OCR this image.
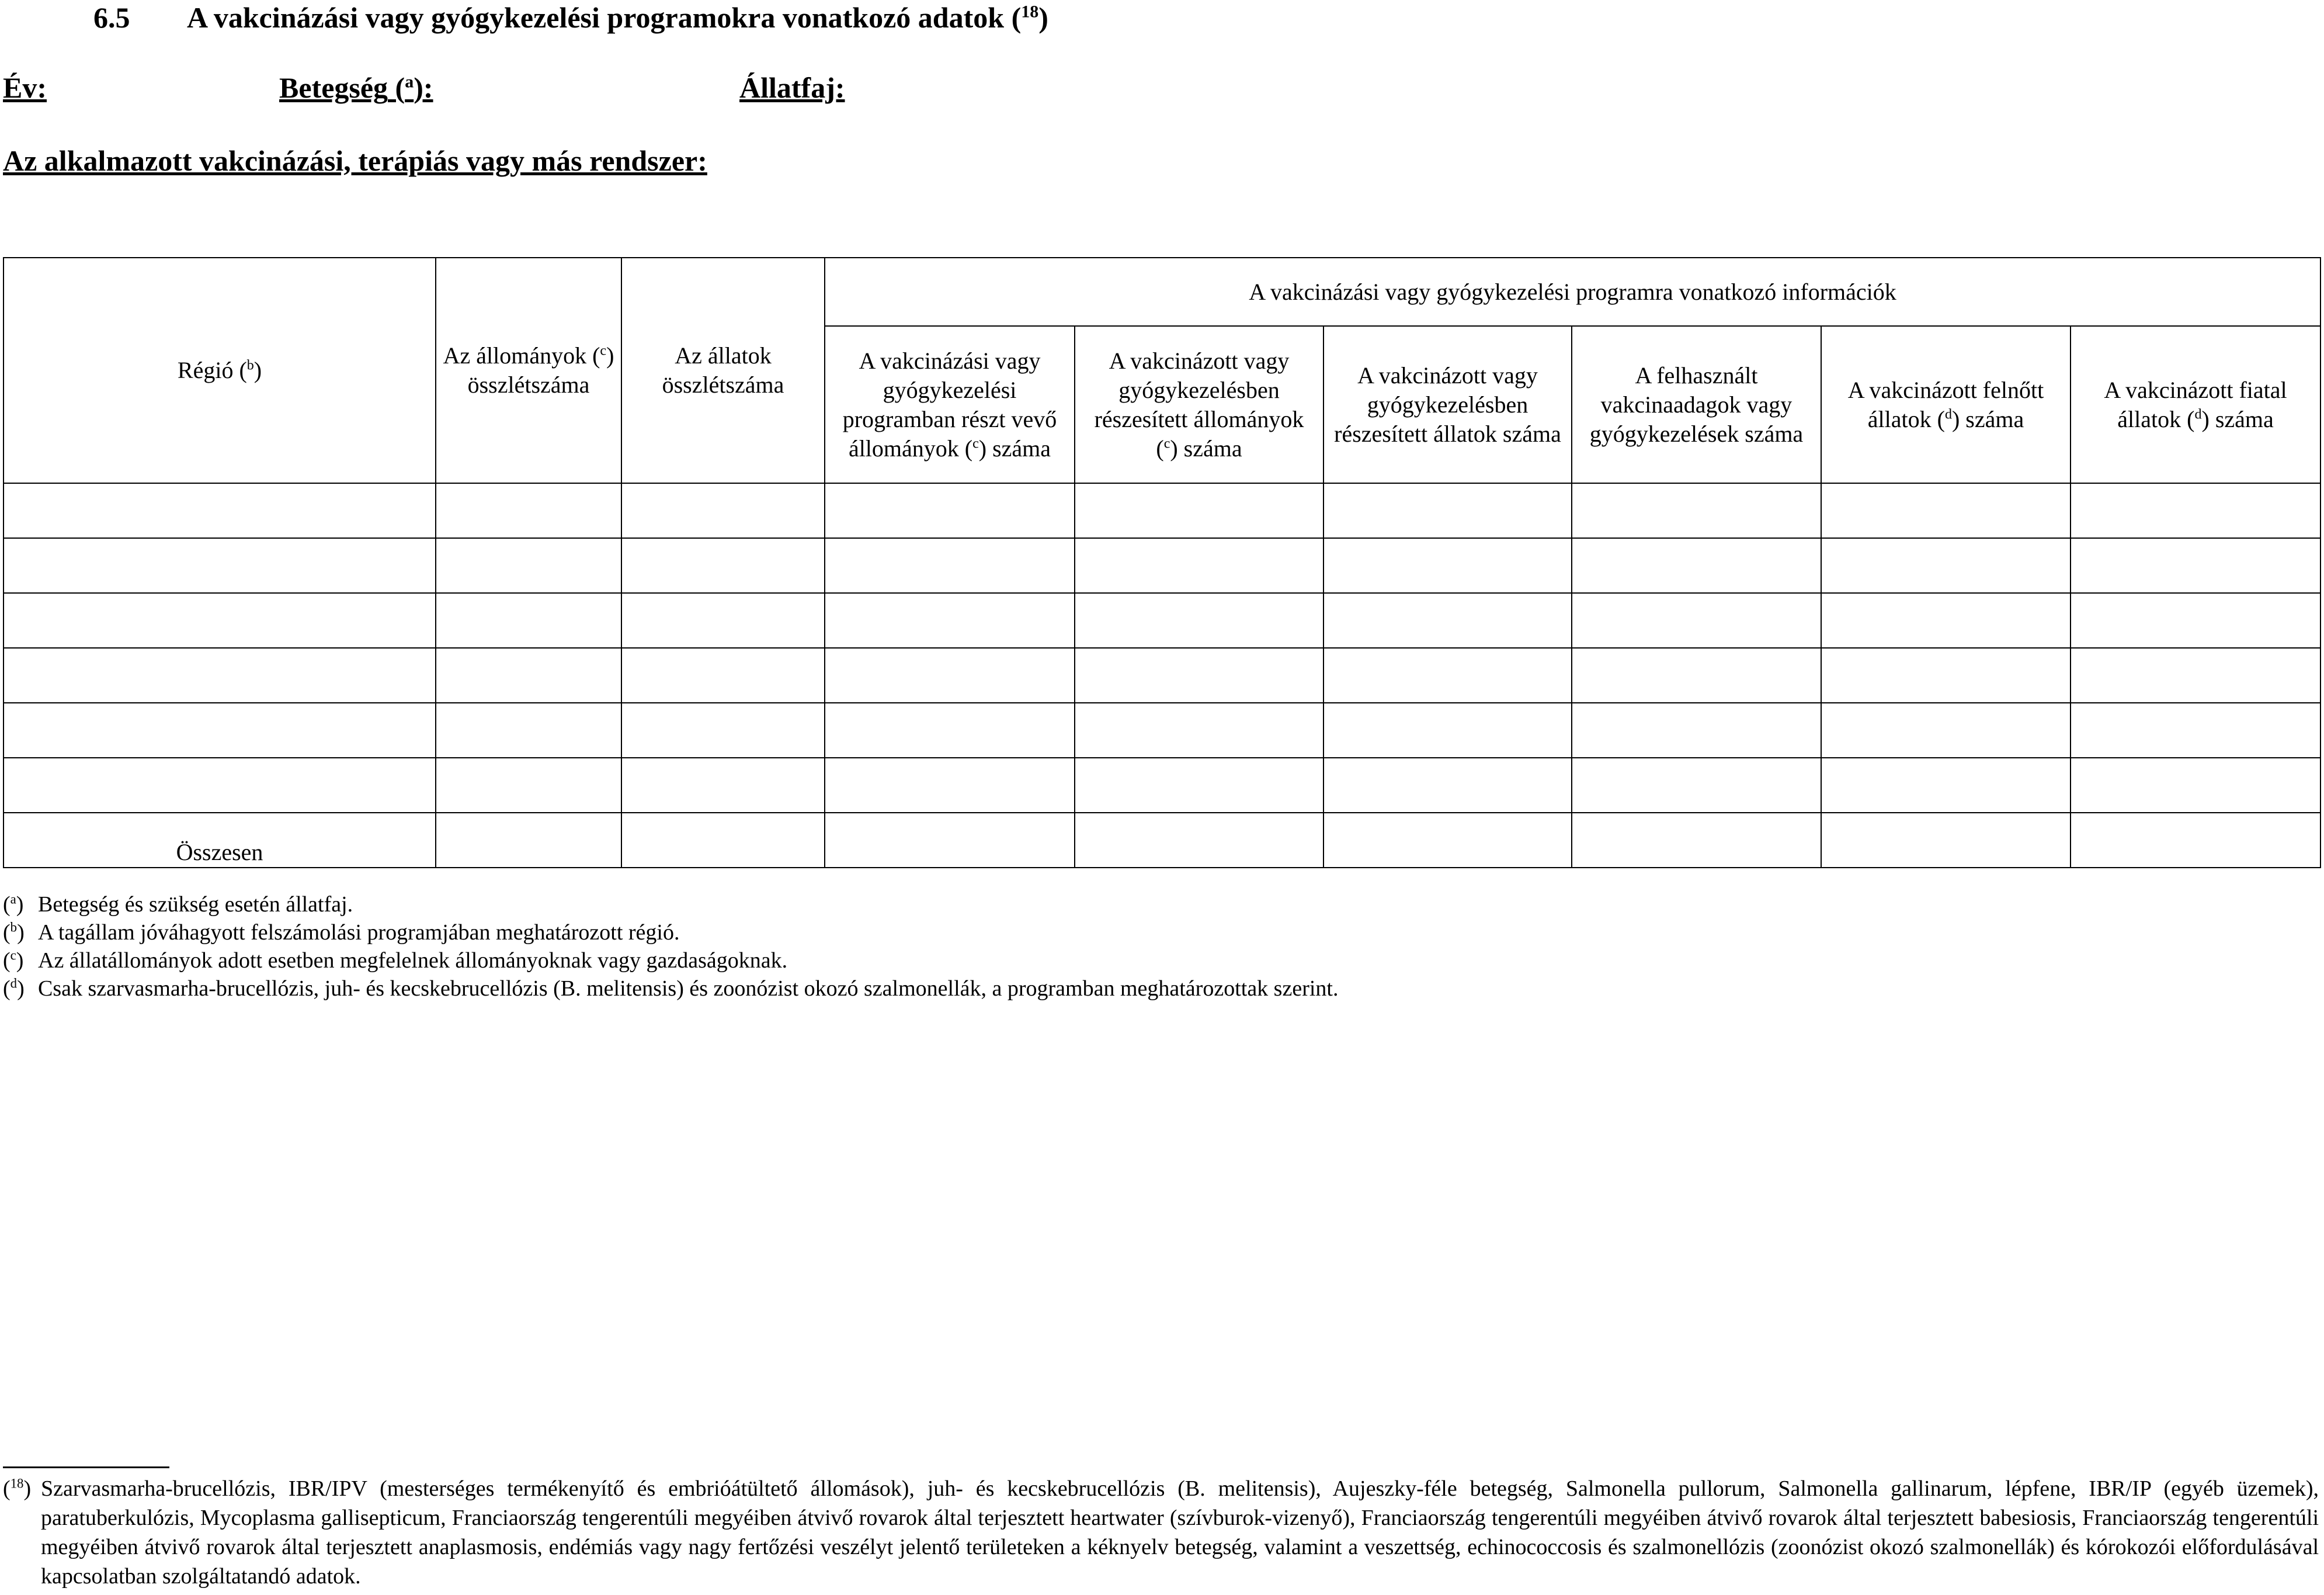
6.5 A vakcinázási vagy gyógykezelési programokra vonatkozó adatok ($^{18}$)
Év:	Betegség ($^a$):	Állatfaj:
Az alkalmazott vakcinázási, terápiás vagy más rendszer:
Régió ($^b$)	Az állományok ($^c$) összlétszáma	Az állatok összlétszáma	A vakcinázási vagy gyógykezelési programra vonatkozó információk					
			A vakcinázási vagy gyógykezelési programban részt vevő állományok ($^c$) száma	A vakcinázott vagy gyógykezelésben részesített állományok ($^c$) száma	A vakcinázott vagy gyógykezelésben részesített állatok száma	A felhasznált vakcinaadagok vagy gyógykezelések száma	A vakcinázott felnőtt állatok ($^d$) száma	A vakcinázott fiatal állatok ($^d$) száma

Összesen								
($^a$) Betegség és szükség esetén állatfaj.
($^b$) A tagállam jóváhagyott felszámolási programjában meghatározott régió.
($^c$) Az állatállományok adott esetben megfelelnek állományoknak vagy gazdaságoknak.
($^d$) Csak szarvasmarha-brucellózis, juh- és kecskebrucellózis (B. melitensis) és zoonózist okozó szalmonellák, a programban meghatározottak szerint.
($^{18}$) Szarvasmarha-brucellózis, IBR/IPV (mesterséges termékenyítő és embrióátültető állomások), juh- és kecskebrucellózis (B. melitensis), Aujeszky-féle betegség, Salmonella pullorum, Salmonella gallinarum, lépfene, IBR/IP (egyéb üzemek), paratuberkulózis, Mycoplasma gallisepticum, Franciaország tengerentúli megyéiben átvivő rovarok által terjesztett heartwater (szívburok-vizenyő), Franciaország tengerentúli megyéiben átvivő rovarok által terjesztett babesiosis, Franciaország tengerentúli megyéiben átvivő rovarok által terjesztett anaplasmosis, endémiás vagy nagy fertőzési veszélyt jelentő területeken a kéknyelv betegség, valamint a veszettség, echinococcosis és szalmonellózis (zoonózist okozó szalmonellák) és kórokozói előfordulásával kapcsolatban szolgáltatandó adatok.
